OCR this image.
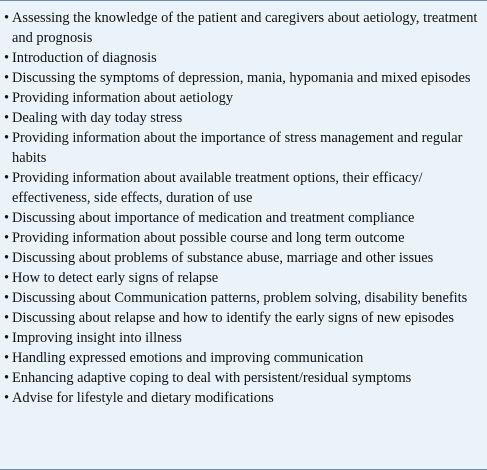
• Assessing the knowledge of the patient and caregivers about aetiology, treatment and prognosis
• Introduction of diagnosis
• Discussing the symptoms of depression, mania, hypomania and mixed episodes
• Providing information about aetiology
• Dealing with day today stress
• Providing information about the importance of stress management and regular habits
• Providing information about available treatment options, their efficacy/ effectiveness, side effects, duration of use
• Discussing about importance of medication and treatment compliance
• Providing information about possible course and long term outcome
• Discussing about problems of substance abuse, marriage and other issues
• How to detect early signs of relapse
• Discussing about Communication patterns, problem solving, disability benefits
• Discussing about relapse and how to identify the early signs of new episodes
• Improving insight into illness
• Handling expressed emotions and improving communication
• Enhancing adaptive coping to deal with persistent/residual symptoms
• Advise for lifestyle and dietary modifications
